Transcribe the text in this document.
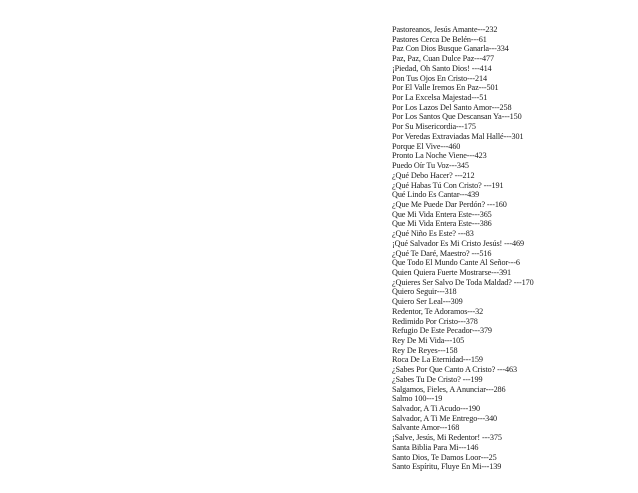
Pastoreanos, Jesús Amante---232
Pastores Cerca De Belén---61
Paz Con Dios Busque Ganarla---334
Paz, Paz, Cuan Dulce Paz---477
¡Piedad, Oh Santo Dios! ---414
Pon Tus Ojos En Cristo---214
Por El Valle Iremos En Paz---501
Por La Excelsa Majestad---51
Por Los Lazos Del Santo Amor---258
Por Los Santos Que Descansan Ya---150
Por Su Misericordia---175
Por Veredas Extraviadas Mal Hallé---301
Porque El Vive---460
Pronto La Noche Viene---423
Puedo Oír Tu Voz---345
¿Qué Debo Hacer? ---212
¿Qué Habas Tú Con Cristo? ---191
Qué Lindo Es Cantar---439
¿Que Me Puede Dar Perdón? ---160
Que Mi Vida Entera Este---365
Que Mi Vida Entera Este---386
¿Qué Niño Es Este? ---83
¡Qué Salvador Es Mi Cristo Jesús! ---469
¿Qué Te Daré, Maestro? ---516
Que Todo El Mundo Cante Al Señor---6
Quien Quiera Fuerte Mostrarse---391
¿Quieres Ser Salvo De Toda Maldad? ---170
Quiero Seguir---318
Quiero Ser Leal---309
Redentor, Te Adoramos---32
Redimido Por Cristo---378
Refugio De Este Pecador---379
Rey De Mi Vida---105
Rey De Reyes---158
Roca De La Eternidad---159
¿Sabes Por Que Canto A Cristo? ---463
¿Sabes Tu De Cristo? ---199
Salgamos, Fieles, A Anunciar---286
Salmo 100---19
Salvador, A Ti Acudo---190
Salvador, A Ti Me Entrego---340
Salvante Amor---168
¡Salve, Jesús, Mi Redentor! ---375
Santa Biblia Para Mi---146
Santo Dios, Te Damos Loor---25
Santo Espíritu, Fluye En Mi---139
